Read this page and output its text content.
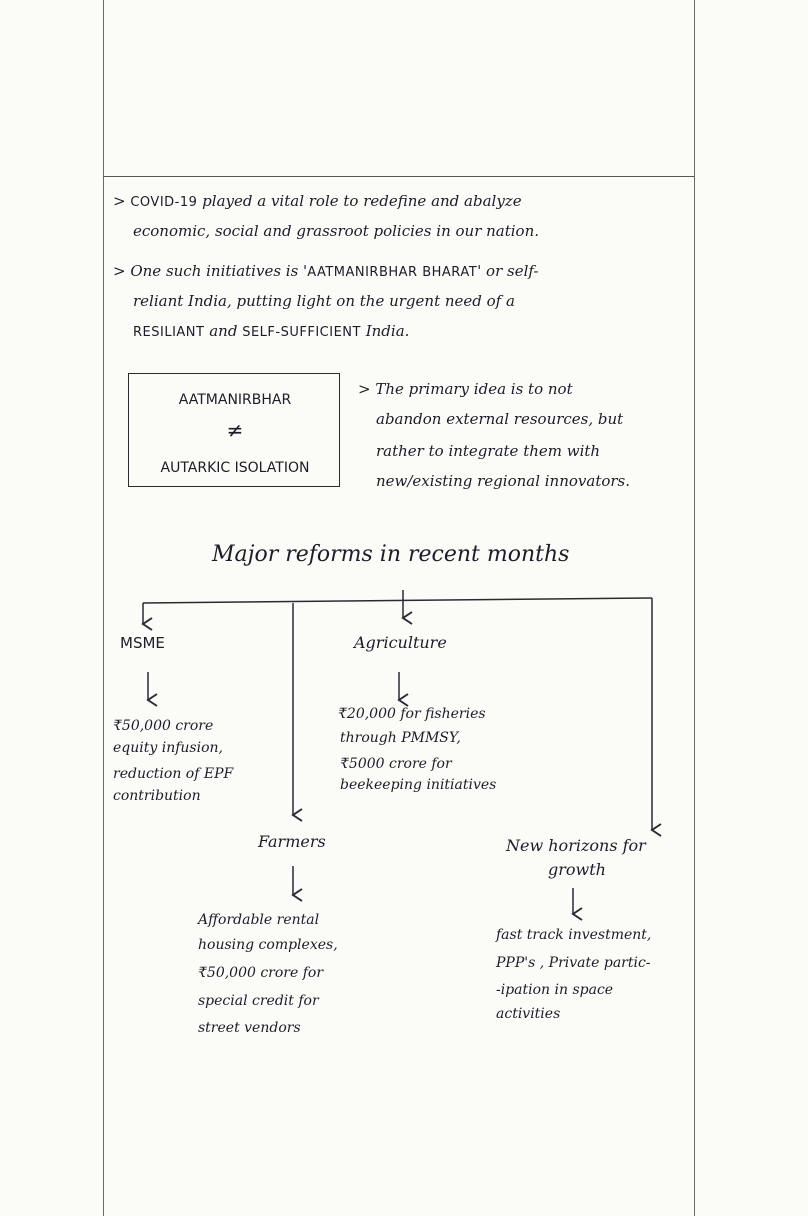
> COVID-19 played a vital role to redefine and abalyze
economic, social and grassroot policies in our nation.
> One such initiatives is 'AATMANIRBHAR BHARAT' or self-
reliant India, putting light on the urgent need of a
RESILIANT and SELF-SUFFICIENT India.
AATMANIRBHAR
≠
AUTARKIC ISOLATION
> The primary idea is to not
abandon external resources, but
rather to integrate them with
new/existing regional innovators.
Major reforms in recent months
MSME
₹50,000 crore
equity infusion,
reduction of EPF
contribution
Agriculture
₹20,000 for fisheries
through PMMSY,
₹5000 crore for
beekeeping initiatives
Farmers
Affordable rental
housing complexes,
₹50,000 crore for
special credit for
street vendors
New horizons for
growth
fast track investment,
PPP's , Private partic-
-ipation in space
activities
